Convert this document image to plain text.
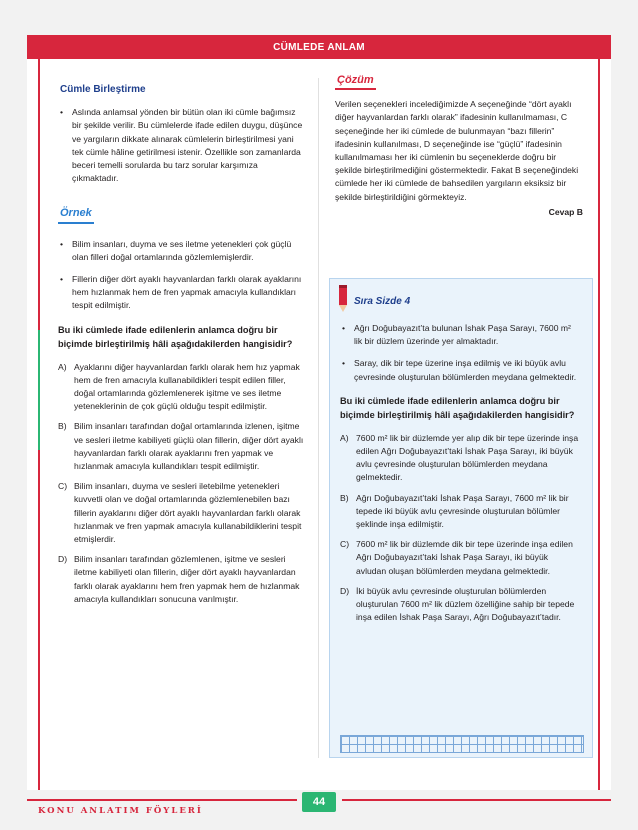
CÜMLEDE ANLAM
Cümle Birleştirme
• Aslında anlamsal yönden bir bütün olan iki cümle bağımsız bir şekilde verilir. Bu cümlelerde ifade edilen duygu, düşünce ve yargıların dikkate alınarak cümlelerin birleştirilmesi yani tek cümle hâline getirilmesi istenir. Özellikle son zamanlarda beceri temelli sorularda bu tarz sorular karşımıza çıkmaktadır.
Örnek
• Bilim insanları, duyma ve ses iletme yetenekleri çok güçlü olan filleri doğal ortamlarında gözlemlemişlerdir.
• Fillerin diğer dört ayaklı hayvanlardan farklı olarak ayaklarını hem hızlanmak hem de fren yapmak amacıyla kullandıkları tespit edilmiştir.
Bu iki cümlede ifade edilenlerin anlamca doğru bir biçimde birleştirilmiş hâli aşağıdakilerden hangisidir?
A) Ayaklarını diğer hayvanlardan farklı olarak hem hız yapmak hem de fren amacıyla kullanabildikleri tespit edilen filler, doğal ortamlarında gözlemlenerek işitme ve ses iletme yeteneklerinin de çok güçlü olduğu tespit edilmiştir.
B) Bilim insanları tarafından doğal ortamlarında izlenen, işitme ve sesleri iletme kabiliyeti güçlü olan fillerin, diğer dört ayaklı hayvanlardan farklı olarak ayaklarını fren yapmak ve hızlanmak amacıyla kullandıkları tespit edilmiştir.
C) Bilim insanları, duyma ve sesleri iletebilme yetenekleri kuvvetli olan ve doğal ortamlarında gözlemlenebilen bazı fillerin ayaklarını diğer dört ayaklı hayvanlardan farklı olarak hızlanmak ve fren yapmak amacıyla kullanabildiklerini tespit etmişlerdir.
D) Bilim insanları tarafından gözlemlenen, işitme ve sesleri iletme kabiliyeti olan fillerin, diğer dört ayaklı hayvanlardan farklı olarak ayaklarını hem fren yapmak hem de hızlanmak amacıyla kullandıkları sonucuna varılmıştır.
Çözüm
Verilen seçenekleri incelediğimizde A seçeneğinde “dört ayaklı diğer hayvanlardan farklı olarak” ifadesinin kullanılmaması, C seçeneğinde her iki cümlede de bulunmayan “bazı fillerin” ifadesinin kullanılması, D seçeneğinde ise “güçlü” ifadesinin kullanılmaması her iki cümlenin bu seçeneklerde doğru bir şekilde birleştirilmediğini göstermektedir. Fakat B seçeneğindeki cümlede her iki cümlede de bahsedilen yargıların eksiksiz bir şekilde birleştirildiğini görmekteyiz.
Cevap B
Sıra Sizde 4
• Ağrı Doğubayazıt’ta bulunan İshak Paşa Sarayı, 7600 m² lik bir düzlem üzerinde yer almaktadır.
• Saray, dik bir tepe üzerine inşa edilmiş ve iki büyük avlu çevresinde oluşturulan bölümlerden meydana gelmektedir.
Bu iki cümlede ifade edilenlerin anlamca doğru bir biçimde birleştirilmiş hâli aşağıdakilerden hangisidir?
A) 7600 m² lik bir düzlemde yer alıp dik bir tepe üzerinde inşa edilen Ağrı Doğubayazıt’taki İshak Paşa Sarayı, iki büyük avlu çevresinde oluşturulan bölümlerden meydana gelmektedir.
B) Ağrı Doğubayazıt’taki İshak Paşa Sarayı, 7600 m² lik bir tepede iki büyük avlu çevresinde oluşturulan bölümler şeklinde inşa edilmiştir.
C) 7600 m² lik bir düzlemde dik bir tepe üzerinde inşa edilen Ağrı Doğubayazıt’taki İshak Paşa Sarayı, iki büyük avludan oluşan bölümlerden meydana gelmektedir.
D) İki büyük avlu çevresinde oluşturulan bölümlerden oluşturulan 7600 m² lik düzlem özelliğine sahip bir tepede inşa edilen İshak Paşa Sarayı, Ağrı Doğubayazıt’tadır.
KONU ANLATIM FÖYLERİ
44
